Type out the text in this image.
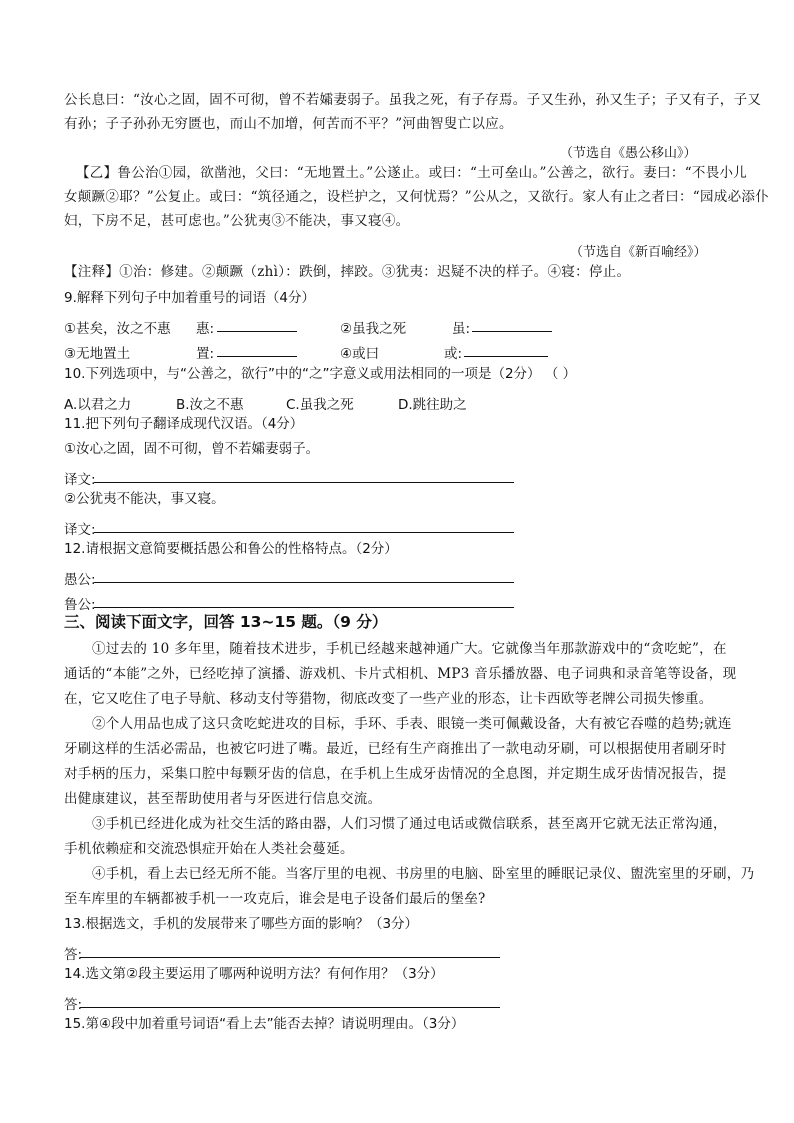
公长息曰：“汝心之固，固不可彻，曾不若孀妻弱子。虽我之死，有子存焉。子又生孙，孙又生子；子又有子，子又
有孙；子子孙孙无穷匮也，而山不加增，何苦而不平？”河曲智叟亡以应。
（节选自《愚公移山》）
【乙】鲁公治①园，欲凿池，父曰：“无地置土。”公遂止。或曰：“土可垒山。”公善之，欲行。妻曰：“不畏小儿
女颠蹶②耶？”公复止。或曰：“筑径通之，设栏护之，又何忧焉？”公从之，又欲行。家人有止之者曰：“园成必添仆
妇，下房不足，甚可虑也。”公犹夷③不能决，事又寝④。
（节选自《新百喻经》）
【注释】①治：修建。②颠蹶（zhì）：跌倒，摔跤。③犹夷：迟疑不决的样子。④寝：停止。
9.解释下列句子中加着重号的词语（4分）
①甚矣，汝之不惠 惠:	②虽我之死	虽:
③无地置土	置:	④或曰	或:
10.下列选项中，与“公善之，欲行”中的“之”字意义或用法相同的一项是（2分） （ ）
A.以君之力	B.汝之不惠	C.虽我之死	D.跳往助之
11.把下列句子翻译成现代汉语。（4分）
①汝心之固，固不可彻，曾不若孀妻弱子。
译文:
②公犹夷不能决，事又寝。
译文:
12.请根据文意简要概括愚公和鲁公的性格特点。（2分）
愚公:
鲁公:
三、阅读下面文字，回答 13~15 题。（9 分）
①过去的 10 多年里，随着技术进步，手机已经越来越神通广大。它就像当年那款游戏中的“贪吃蛇”，在
通话的“本能”之外，已经吃掉了演播、游戏机、卡片式相机、MP3 音乐播放器、电子词典和录音笔等设备，现
在，它又吃住了电子导航、移动支付等猎物，彻底改变了一些产业的形态，让卡西欧等老牌公司损失惨重。
②个人用品也成了这只贪吃蛇进攻的目标，手环、手表、眼镜一类可佩戴设备，大有被它吞噬的趋势;就连
牙刷这样的生活必需品，也被它叼进了嘴。最近，已经有生产商推出了一款电动牙刷，可以根据使用者刷牙时
对手柄的压力，采集口腔中每颗牙齿的信息，在手机上生成牙齿情况的全息图，并定期生成牙齿情况报告，提
出健康建议，甚至帮助使用者与牙医进行信息交流。
③手机已经进化成为社交生活的路由器，人们习惯了通过电话或微信联系，甚至离开它就无法正常沟通，
手机依赖症和交流恐惧症开始在人类社会蔓延。
④手机，看上去已经无所不能。当客厅里的电视、书房里的电脑、卧室里的睡眠记录仪、盥洗室里的牙刷，乃
至车库里的车辆都被手机一一攻克后，谁会是电子设备们最后的堡垒?
13.根据选文，手机的发展带来了哪些方面的影响？（3分）
答:
14.选文第②段主要运用了哪两种说明方法？有何作用？（3分）
答:
15.第④段中加着重号词语“看上去”能否去掉？请说明理由。（3分）
